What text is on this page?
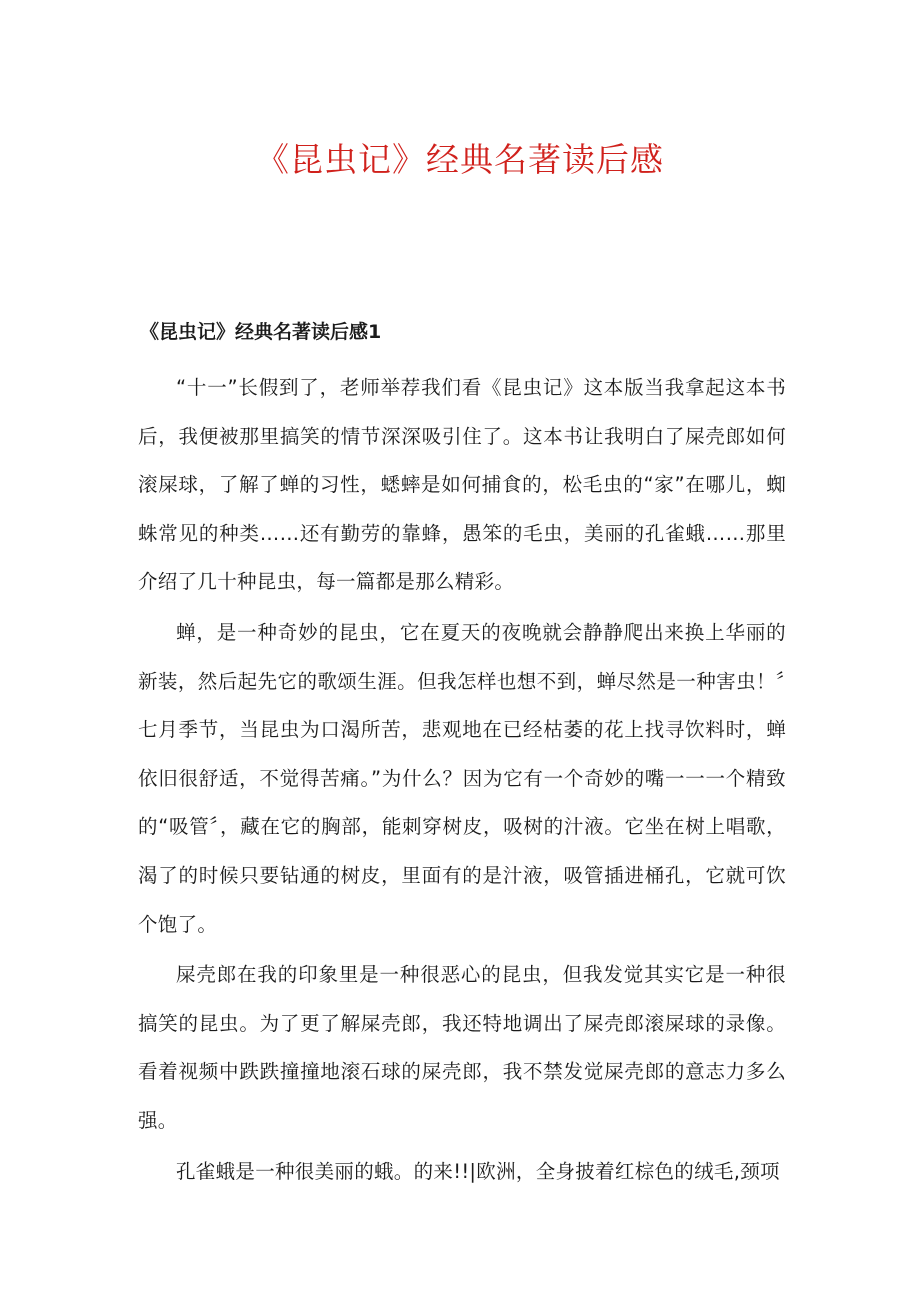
《昆虫记》经典名著读后感
《昆虫记》经典名著读后感1

“十一”长假到了，老师举荐我们看《昆虫记》这本版当我拿起这本书后，我便被那里搞笑的情节深深吸引住了。这本书让我明白了屎壳郎如何滚屎球，了解了蝉的习性，蟋蟀是如何捕食的，松毛虫的“家”在哪儿，蜘蛛常见的种类……还有勤劳的靠蜂，愚笨的毛虫，美丽的孔雀蛾……那里介绍了几十种昆虫，每一篇都是那么精彩。

蝉，是一种奇妙的昆虫，它在夏天的夜晚就会静静爬出来换上华丽的新装，然后起先它的歌颂生涯。但我怎样也想不到，蝉尽然是一种害虫！〞七月季节，当昆虫为口渴所苦，悲观地在已经枯萎的花上找寻饮料时，蝉依旧很舒适，不觉得苦痛。”为什么？因为它有一个奇妙的嘴一一一个精致的“吸管〞，藏在它的胸部，能刺穿树皮，吸树的汁液。它坐在树上唱歌，渴了的时候只要钻通的树皮，里面有的是汁液，吸管插进桶孔，它就可饮个饱了。

屎壳郎在我的印象里是一种很恶心的昆虫，但我发觉其实它是一种很搞笑的昆虫。为了更了解屎壳郎，我还特地调出了屎壳郎滚屎球的录像。看着视频中跌跌撞撞地滚石球的屎壳郎，我不禁发觉屎壳郎的意志力多么强。

孔雀蛾是一种很美丽的蛾。的来!!|欧洲，全身披着红棕色的绒毛,颈项
